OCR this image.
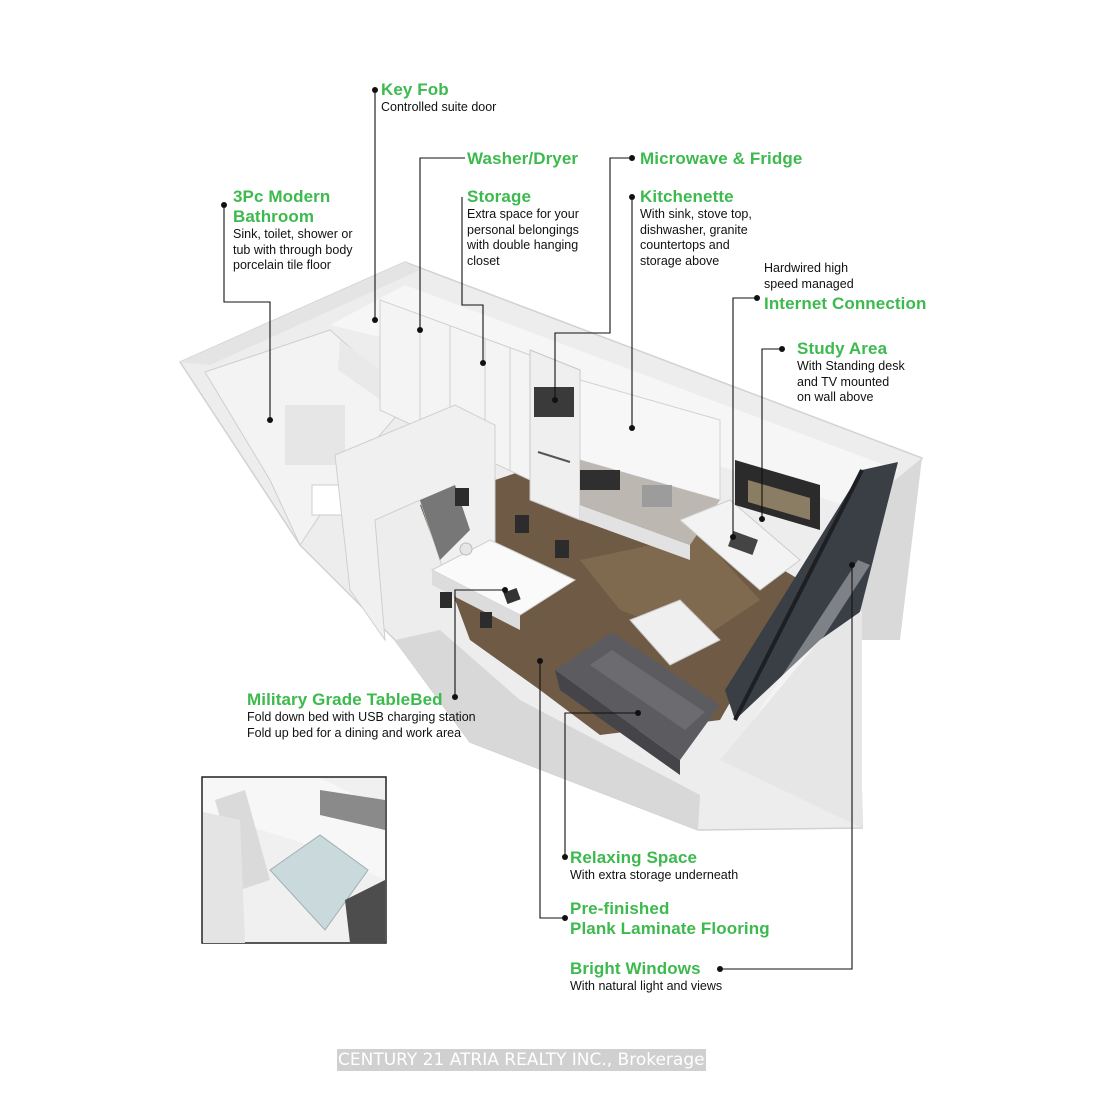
Key Fob
Controlled suite door
Washer/Dryer	Microwave & Fridge
3Pc Modern
Bathroom
Sink, toilet, shower or
tub with through body
porcelain tile floor
Storage
Extra space for your
personal belongings
with double hanging
closet
Kitchenette
With sink, stove top,
dishwasher, granite
countertops and
storage above
Hardwired high
speed managed
Internet Connection
Study Area
With Standing desk
and TV mounted
on wall above
Military Grade TableBed
Fold down bed with USB charging station
Fold up bed for a dining and work area
Relaxing Space
With extra storage underneath
Pre-finished
Plank Laminate Flooring
Bright Windows
With natural light and views
CENTURY 21 ATRIA REALTY INC., Brokerage
